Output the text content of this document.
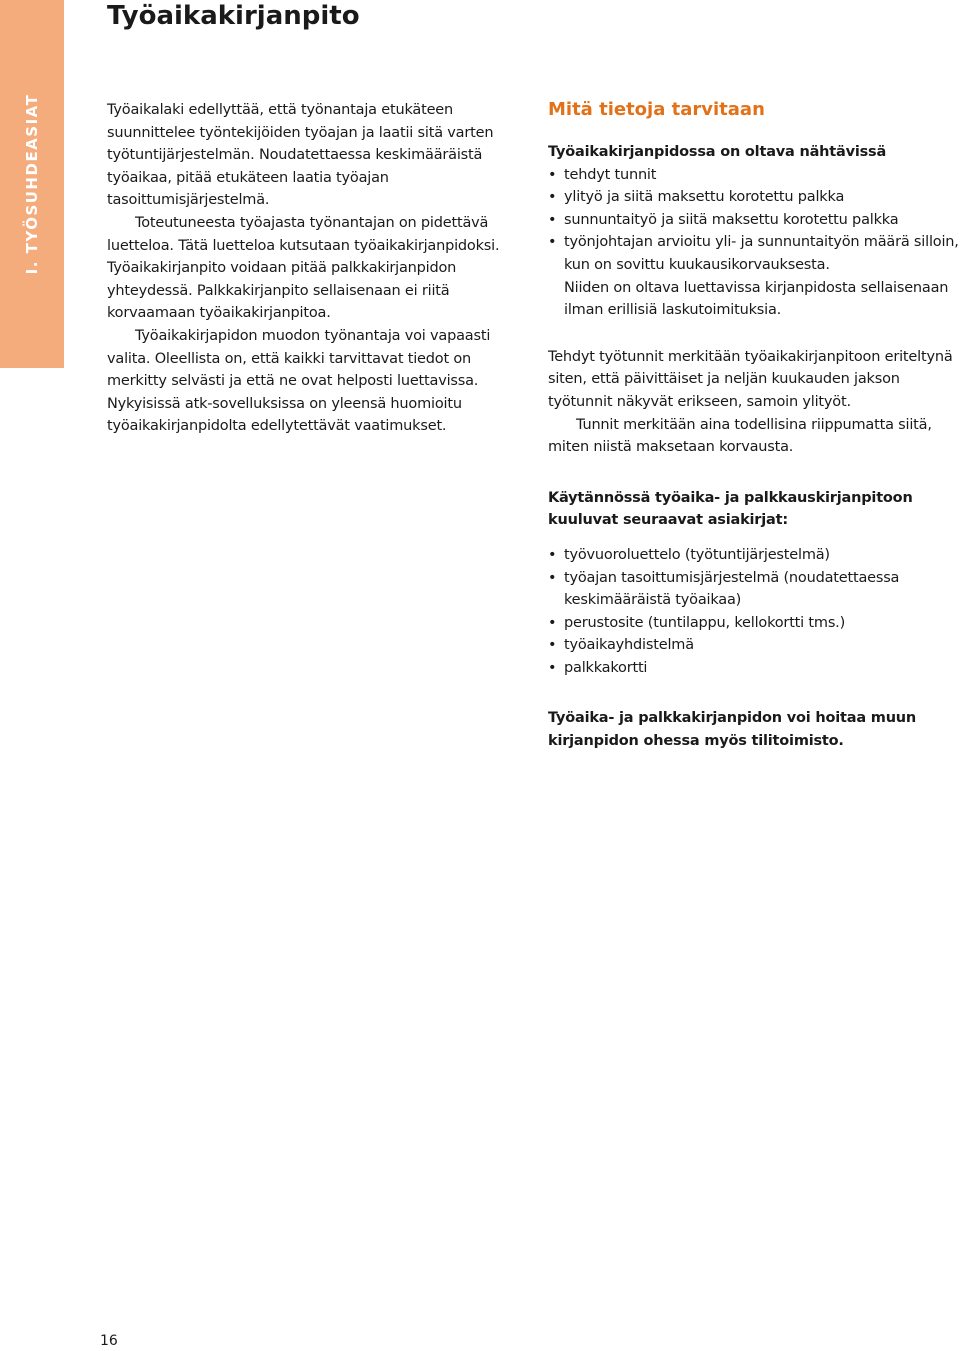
I. TYÖSUHDEASIAT
Työaikakirjanpito

Työaikalaki edellyttää, että työnantaja etukäteen suunnittelee työntekijöiden työajan ja laatii sitä varten työtuntijärjestelmän. Noudatettaessa keskimääräistä työaikaa, pitää etukäteen laatia työajan tasoittumisjärjestelmä.

Toteutuneesta työajasta työnantajan on pidettävä luetteloa. Tätä luetteloa kutsutaan työaikakirjanpidoksi. Työaikakirjanpito voidaan pitää palkkakirjanpidon yhteydessä. Palkkakirjanpito sellaisenaan ei riitä korvaamaan työaikakirjanpitoa.

Työaikakirjapidon muodon työnantaja voi vapaasti valita. Oleellista on, että kaikki tarvittavat tiedot on merkitty selvästi ja että ne ovat helposti luettavissa. Nykyisissä atk-sovelluksissa on yleensä huomioitu työaikakirjanpidolta edellytettävät vaatimukset.

Mitä tietoja tarvitaan

Työaikakirjanpidossa on oltava nähtävissä

• tehdyt tunnit
• ylityö ja siitä maksettu korotettu palkka
• sunnuntaityö ja siitä maksettu korotettu palkka
• työnjohtajan arvioitu yli- ja sunnuntaityön määrä silloin, kun on sovittu kuukausikorvauksesta.

Niiden on oltava luettavissa kirjanpidosta sellaisenaan ilman erillisiä laskutoimituksia.

Tehdyt työtunnit merkitään työaikakirjanpitoon eriteltynä siten, että päivittäiset ja neljän kuukauden jakson työtunnit näkyvät erikseen, samoin ylityöt.

Tunnit merkitään aina todellisina riippumatta siitä, miten niistä maksetaan korvausta.

Käytännössä työaika- ja palkkauskirjanpitoon kuuluvat seuraavat asiakirjat:

• työvuoroluettelo (työtuntijärjestelmä)
• työajan tasoittumisjärjestelmä (noudatettaessa keskimääräistä työaikaa)
• perustosite (tuntilappu, kellokortti tms.)
• työaikayhdistelmä
• palkkakortti

Työaika- ja palkkakirjanpidon voi hoitaa muun kirjanpidon ohessa myös tilitoimisto.

16
